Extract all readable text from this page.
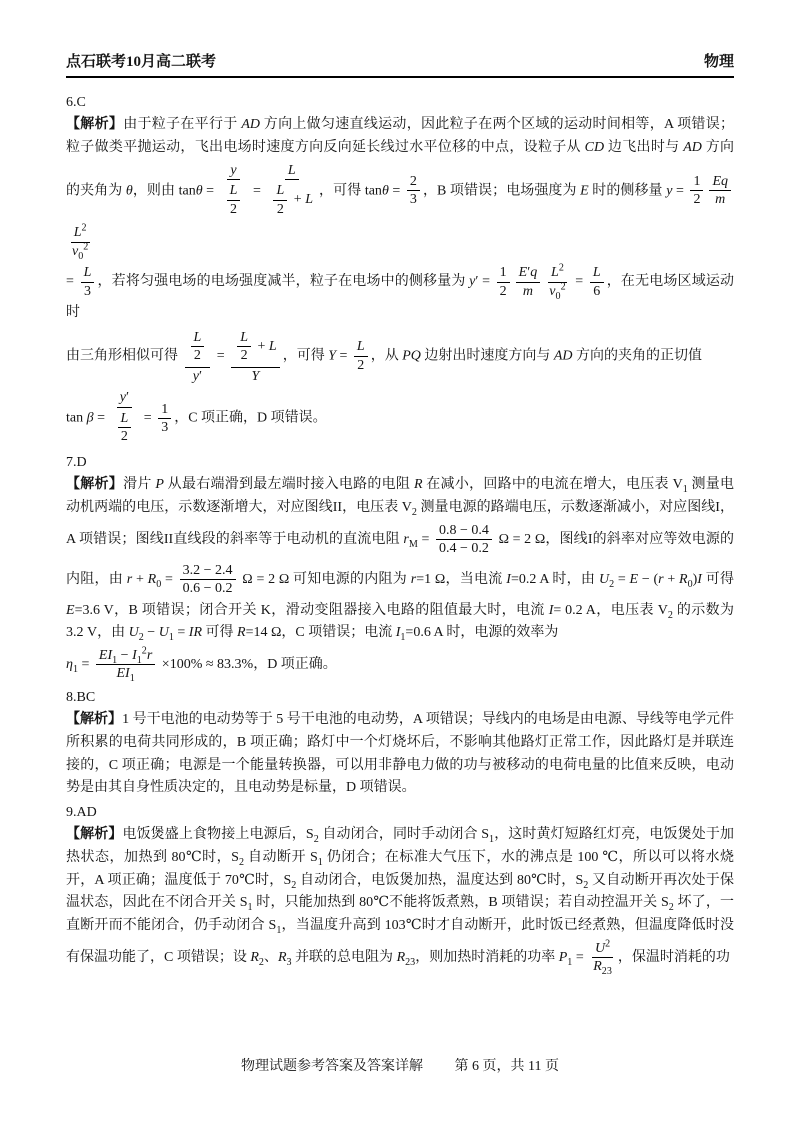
点石联考10月高二联考	物理
6.C
【解析】由于粒子在平行于 AD 方向上做匀速直线运动，因此粒子在两个区域的运动时间相等，A 项错误；粒子做类平抛运动，飞出电场时速度方向反向延长线过水平位移的中点，设粒子从 CD 边飞出时与 AD 方向的夹角为 θ，则由 $\tan\theta = \frac{y}{\frac{L}{2}} = \frac{L}{\frac{L}{2} + L}$ ，可得 $\tan\theta = \frac{2}{3}$ ，B 项错误；电场强度为 E 时的侧移量 $y = \frac{1}{2} \frac{Eq}{m}$
$\frac{L^2}{v_0^2}$
= $\frac{L}{3}$ ，若将匀强电场的电场强度减半，粒子在电场中的侧移量为 $y' = \frac{1}{2} \frac{E'q}{m} \frac{L^2}{v_0^2} = \frac{L}{6}$ ，在无电场区域运动时
由三角形相似可得 $\frac{\frac{L}{2}}{y'} = \frac{\frac{L}{2} + L}{Y}$ ，可得 $Y = \frac{L}{2}$ ，从 PQ 边射出时速度方向与 AD 方向的夹角的正切值
$\tan \beta = \frac{y'}{\frac{L}{2}} = \frac{1}{3}$ ，C 项正确，D 项错误。
7.D
【解析】滑片 P 从最右端滑到最左端时接入电路的电阻 R 在减小，回路中的电流在增大，电压表 $V_1$ 测量电动机两端的电压，示数逐渐增大，对应图线II，电压表 $V_2$ 测量电源的路端电压，示数逐渐减小，对应图线I，A 项错误；图线II直线段的斜率等于电动机的直流电阻 $r_M = \frac{0.8 - 0.4}{0.4 - 0.2}$ Ω = 2 Ω，图线I的斜率对应等效电源的内阻，由 $r + R_0 = \frac{3.2 - 2.4}{0.6 - 0.2}$ Ω = 2 Ω 可知电源的内阻为 r=1 Ω，当电流 I=0.2 A 时，由 $U_2 = E - (r + R_0)I$ 可得 E=3.6 V，B 项错误；闭合开关 K，滑动变阻器接入电路的阻值最大时，电流 I= 0.2 A，电压表 $V_2$ 的示数为 3.2 V，由 $U_2 - U_1$ = IR 可得 R=14 Ω，C 项错误；电流 $I_1=0.6$ A 时，电源的效率为
$\eta_1 = \frac{EI_1 - I_1^2r}{EI_1} \times 100\% \approx 83.3\%$，D 项正确。
8.BC
【解析】1 号干电池的电动势等于 5 号干电池的电动势，A 项错误；导线内的电场是由电源、导线等电学元件所积累的电荷共同形成的，B 项正确；路灯中一个灯烧坏后，不影响其他路灯正常工作，因此路灯是并联连接的，C 项正确；电源是一个能量转换器，可以用非静电力做的功与被移动的电荷电量的比值来反映，电动势是由其自身性质决定的，且电动势是标量，D 项错误。
9.AD
【解析】电饭煲盛上食物接上电源后，$S_2$ 自动闭合，同时手动闭合 $S_1$，这时黄灯短路红灯亮，电饭煲处于加热状态，加热到 80℃时，$S_2$ 自动断开 $S_1$ 仍闭合；在标准大气压下，水的沸点是 100 ℃，所以可以将水烧开，A 项正确；温度低于 70℃时，$S_2$ 自动闭合，电饭煲加热，温度达到 80℃时，$S_2$ 又自动断开再次处于保温状态，因此在不闭合开关 $S_1$ 时，只能加热到 80℃不能将饭煮熟，B 项错误；若自动控温开关 $S_2$ 坏了，一直断开而不能闭合，仍手动闭合 $S_1$，当温度升高到 103℃时才自动断开，此时饭已经煮熟，但温度降低时没有保温功能了，C 项错误；设 $R_2$、$R_3$ 并联的总电阻为 $R_{23}$，则加热时消耗的功率 $P_1 = \frac{U^2}{R_{23}}$ ，保温时消耗的功
物理试题参考答案及答案详解 第 6 页，共 11 页
